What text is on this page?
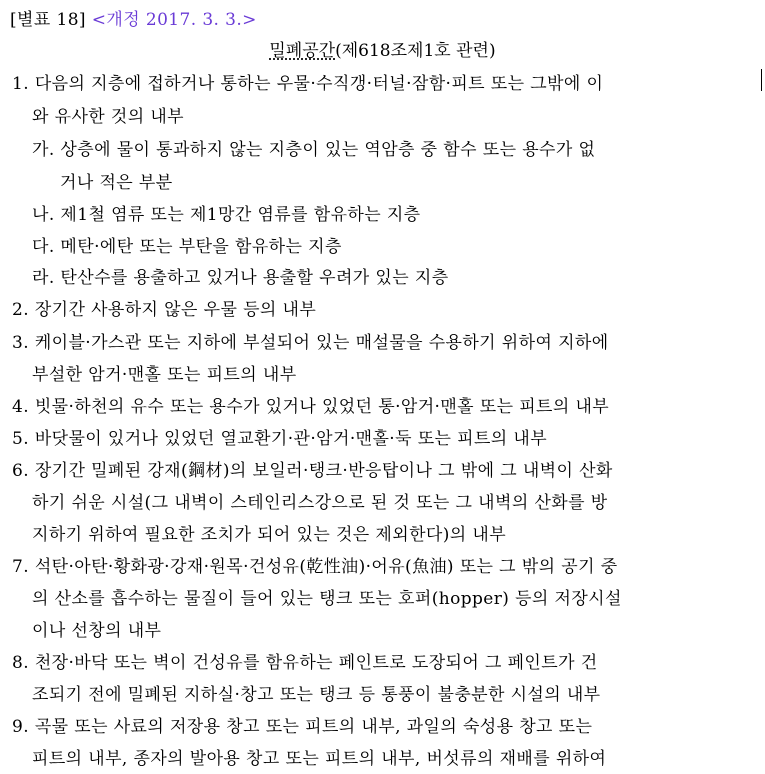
[별표 18] <개정 2017. 3. 3.>
밀폐공간(제618조제1호 관련)
1. 다음의 지층에 접하거나 통하는 우물·수직갱·터널·잠함·피트 또는 그밖에 이
와 유사한 것의 내부
가. 상층에 물이 통과하지 않는 지층이 있는 역암층 중 함수 또는 용수가 없
거나 적은 부분
나. 제1철 염류 또는 제1망간 염류를 함유하는 지층
다. 메탄·에탄 또는 부탄을 함유하는 지층
라. 탄산수를 용출하고 있거나 용출할 우려가 있는 지층
2. 장기간 사용하지 않은 우물 등의 내부
3. 케이블·가스관 또는 지하에 부설되어 있는 매설물을 수용하기 위하여 지하에
부설한 암거·맨홀 또는 피트의 내부
4. 빗물·하천의 유수 또는 용수가 있거나 있었던 통·암거·맨홀 또는 피트의 내부
5. 바닷물이 있거나 있었던 열교환기·관·암거·맨홀·둑 또는 피트의 내부
6. 장기간 밀폐된 강재(鋼材)의 보일러·탱크·반응탑이나 그 밖에 그 내벽이 산화
하기 쉬운 시설(그 내벽이 스테인리스강으로 된 것 또는 그 내벽의 산화를 방
지하기 위하여 필요한 조치가 되어 있는 것은 제외한다)의 내부
7. 석탄·아탄·황화광·강재·원목·건성유(乾性油)·어유(魚油) 또는 그 밖의 공기 중
의 산소를 흡수하는 물질이 들어 있는 탱크 또는 호퍼(hopper) 등의 저장시설
이나 선창의 내부
8. 천장·바닥 또는 벽이 건성유를 함유하는 페인트로 도장되어 그 페인트가 건
조되기 전에 밀폐된 지하실·창고 또는 탱크 등 통풍이 불충분한 시설의 내부
9. 곡물 또는 사료의 저장용 창고 또는 피트의 내부, 과일의 숙성용 창고 또는
피트의 내부, 종자의 발아용 창고 또는 피트의 내부, 버섯류의 재배를 위하여
